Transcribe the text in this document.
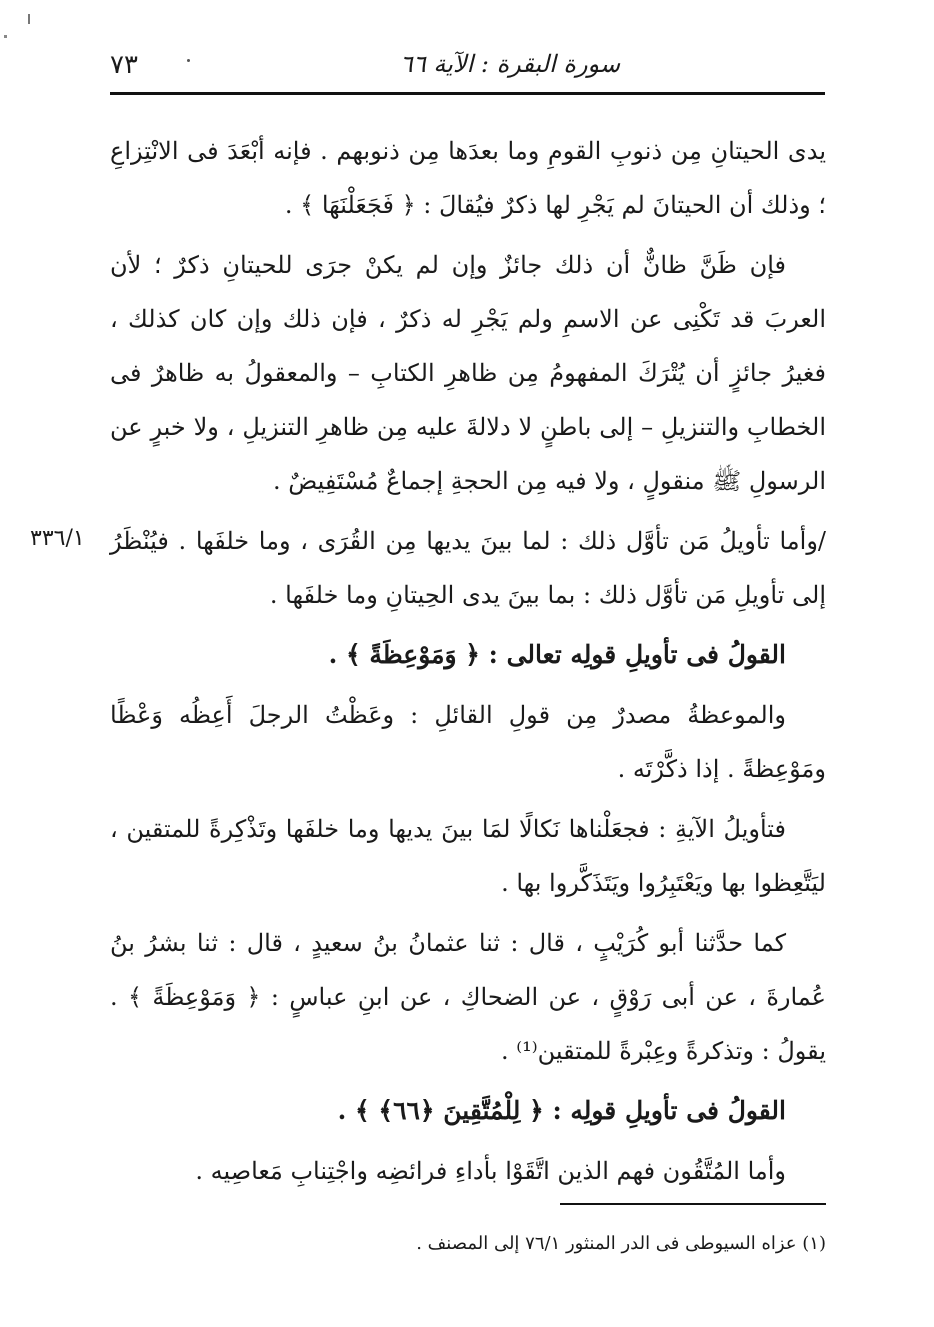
٧٣	سورة البقرة : الآية ٦٦
٣٣٦/١

يدى الحيتانِ مِن ذنوبِ القومِ وما بعدَها مِن ذنوبهم . فإنه أبْعَدَ فى الانْتِزاعِ ؛ وذلك أن الحيتانَ لم يَجْرِ لها ذكرٌ فيُقالَ : ﴿ فَجَعَلْنَهَا ﴾ .

فإن ظَنَّ ظانٌّ أن ذلك جائزٌ وإن لم يكنْ جرَى للحيتانِ ذكرٌ ؛ لأن العربَ قد تَكْنِى عن الاسمِ ولم يَجْرِ له ذكرٌ ، فإن ذلك وإن كان كذلك ، فغيرُ جائزٍ أن يُتْرَكَ المفهومُ مِن ظاهرِ الكتابِ – والمعقولُ به ظاهرٌ فى الخطابِ والتنزيلِ – إلى باطنٍ لا دلالةَ عليه مِن ظاهرِ التنزيلِ ، ولا خبرٍ عن الرسولِ ﷺ منقولٍ ، ولا فيه مِن الحجةِ إجماعٌ مُسْتَفِيضٌ .

/وأما تأويلُ مَن تأوَّل ذلك : لما بينَ يديها مِن القُرَى ، وما خلفَها . فيُنْظَرُ إلى تأويلِ مَن تأوَّل ذلك : بما بينَ يدى الحِيتانِ وما خلفَها .

القولُ فى تأويلِ قولِه تعالى : ﴿ وَمَوْعِظَةً ﴾ .

والموعظةُ مصدرٌ مِن قولِ القائلِ : وعَظْتُ الرجلَ أَعِظُه وَعْظًا ومَوْعِظةً . إذا ذكَّرْتَه .

فتأويلُ الآيةِ : فجعَلْناها نَكالًا لمَا بينَ يديها وما خلفَها وتَذْكِرةً للمتقين ، ليَتَّعِظوا بها ويَعْتَبِرُوا ويَتَذَكَّروا بها .

كما حدَّثنا أبو كُرَيْبٍ ، قال : ثنا عثمانُ بنُ سعيدٍ ، قال : ثنا بشرُ بنُ عُمارةَ ، عن أبى رَوْقٍ ، عن الضحاكِ ، عن ابنِ عباسٍ : ﴿ وَمَوْعِظَةً ﴾ . يقولُ : وتذكرةً وعِبْرةً للمتقين⁽¹⁾ .

القولُ فى تأويلِ قولِه : ﴿ لِلْمُتَّقِينَ ﴿٦٦﴾ ﴾ .

وأما المُتَّقُون فهم الذين اتَّقَوْا بأداءِ فرائضِه واجْتِنابِ مَعاصِيه .

(١) عزاه السيوطى فى الدر المنثور ٧٦/١ إلى المصنف .
